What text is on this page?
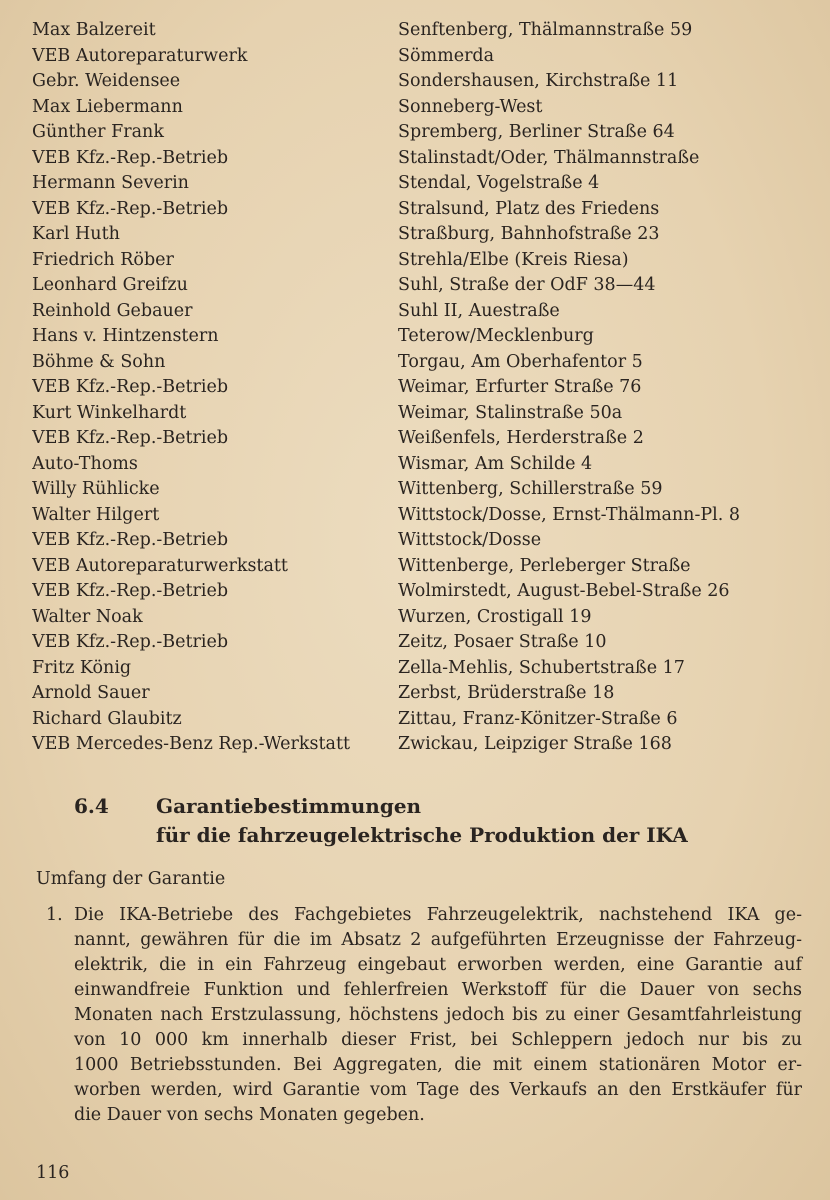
Max Balzereit	Senftenberg, Thälmannstraße 59
VEB Autoreparaturwerk	Sömmerda
Gebr. Weidensee	Sondershausen, Kirchstraße 11
Max Liebermann	Sonneberg-West
Günther Frank	Spremberg, Berliner Straße 64
VEB Kfz.-Rep.-Betrieb	Stalinstadt/Oder, Thälmannstraße
Hermann Severin	Stendal, Vogelstraße 4
VEB Kfz.-Rep.-Betrieb	Stralsund, Platz des Friedens
Karl Huth	Straßburg, Bahnhofstraße 23
Friedrich Röber	Strehla/Elbe (Kreis Riesa)
Leonhard Greifzu	Suhl, Straße der OdF 38—44
Reinhold Gebauer	Suhl II, Auestraße
Hans v. Hintzenstern	Teterow/Mecklenburg
Böhme & Sohn	Torgau, Am Oberhafentor 5
VEB Kfz.-Rep.-Betrieb	Weimar, Erfurter Straße 76
Kurt Winkelhardt	Weimar, Stalinstraße 50a
VEB Kfz.-Rep.-Betrieb	Weißenfels, Herderstraße 2
Auto-Thoms	Wismar, Am Schilde 4
Willy Rühlicke	Wittenberg, Schillerstraße 59
Walter Hilgert	Wittstock/Dosse, Ernst-Thälmann-Pl. 8
VEB Kfz.-Rep.-Betrieb	Wittstock/Dosse
VEB Autoreparaturwerkstatt	Wittenberge, Perleberger Straße
VEB Kfz.-Rep.-Betrieb	Wolmirstedt, August-Bebel-Straße 26
Walter Noak	Wurzen, Crostigall 19
VEB Kfz.-Rep.-Betrieb	Zeitz, Posaer Straße 10
Fritz König	Zella-Mehlis, Schubertstraße 17
Arnold Sauer	Zerbst, Brüderstraße 18
Richard Glaubitz	Zittau, Franz-Könitzer-Straße 6
VEB Mercedes-Benz Rep.-Werkstatt	Zwickau, Leipziger Straße 168
6.4	Garantiebestimmungen
für die fahrzeugelektrische Produktion der IKA
Umfang der Garantie
1. Die IKA-Betriebe des Fachgebietes Fahrzeugelektrik, nachstehend IKA ge-
nannt, gewähren für die im Absatz 2 aufgeführten Erzeugnisse der Fahrzeug-
elektrik, die in ein Fahrzeug eingebaut erworben werden, eine Garantie auf
einwandfreie Funktion und fehlerfreien Werkstoff für die Dauer von sechs
Monaten nach Erstzulassung, höchstens jedoch bis zu einer Gesamtfahrleistung
von 10 000 km innerhalb dieser Frist, bei Schleppern jedoch nur bis zu
1000 Betriebsstunden. Bei Aggregaten, die mit einem stationären Motor er-
worben werden, wird Garantie vom Tage des Verkaufs an den Erstkäufer für
die Dauer von sechs Monaten gegeben.
116
